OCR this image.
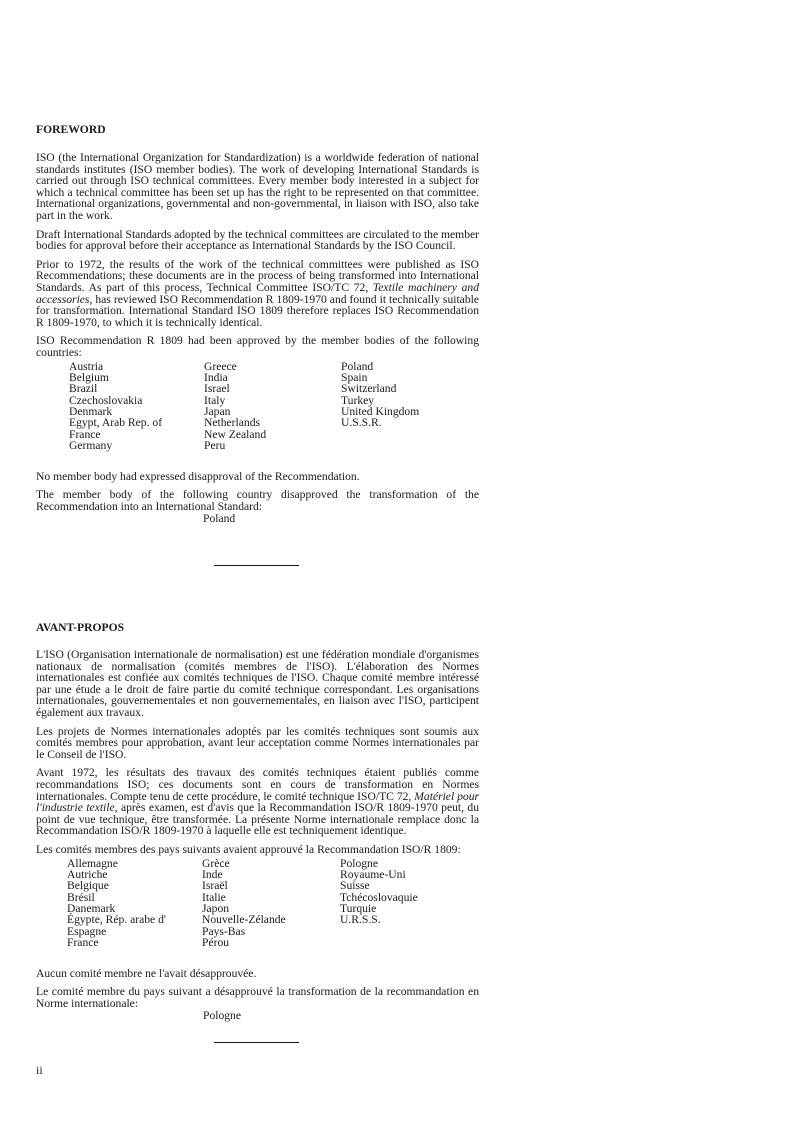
FOREWORD

ISO (the International Organization for Standardization) is a worldwide federation of national standards institutes (ISO member bodies). The work of developing International Standards is carried out through ISO technical committees. Every member body interested in a subject for which a technical committee has been set up has the right to be represented on that committee. International organizations, governmental and non-governmental, in liaison with ISO, also take part in the work.

Draft International Standards adopted by the technical committees are circulated to the member bodies for approval before their acceptance as International Standards by the ISO Council.

Prior to 1972, the results of the work of the technical committees were published as ISO Recommendations; these documents are in the process of being transformed into International Standards. As part of this process, Technical Committee ISO/TC 72, Textile machinery and accessories, has reviewed ISO Recommendation R 1809-1970 and found it technically suitable for transformation. International Standard ISO 1809 therefore replaces ISO Recommendation R 1809-1970, to which it is technically identical.

ISO Recommendation R 1809 had been approved by the member bodies of the following countries:

Austria
Belgium
Brazil
Czechoslovakia
Denmark
Egypt, Arab Rep. of
France
Germany
Greece
India
Israel
Italy
Japan
Netherlands
New Zealand
Peru
Poland
Spain
Switzerland
Turkey
United Kingdom
U.S.S.R.

No member body had expressed disapproval of the Recommendation.

The member body of the following country disapproved the transformation of the Recommendation into an International Standard:

Poland
AVANT-PROPOS

L'ISO (Organisation internationale de normalisation) est une fédération mondiale d'organismes nationaux de normalisation (comités membres de l'ISO). L'élaboration des Normes internationales est confiée aux comités techniques de l'ISO. Chaque comité membre intéressé par une étude a le droit de faire partie du comité technique correspondant. Les organisations internationales, gouvernementales et non gouvernementales, en liaison avec l'ISO, participent également aux travaux.

Les projets de Normes internationales adoptés par les comités techniques sont soumis aux comités membres pour approbation, avant leur acceptation comme Normes internationales par le Conseil de l'ISO.

Avant 1972, les résultats des travaux des comités techniques étaient publiés comme recommandations ISO; ces documents sont en cours de transformation en Normes internationales. Compte tenu de cette procédure, le comité technique ISO/TC 72, Matériel pour l'industrie textile, après examen, est d'avis que la Recommandation ISO/R 1809-1970 peut, du point de vue technique, être transformée. La présente Norme internationale remplace donc la Recommandation ISO/R 1809-1970 à laquelle elle est techniquement identique.

Les comités membres des pays suivants avaient approuvé la Recommandation ISO/R 1809:

Allemagne
Autriche
Belgique
Brésil
Danemark
Égypte, Rép. arabe d'
Espagne
France
Grèce
Inde
Israël
Italie
Japon
Nouvelle-Zélande
Pays-Bas
Pérou
Pologne
Royaume-Uni
Suisse
Tchécoslovaquie
Turquie
U.R.S.S.

Aucun comité membre ne l'avait désapprouvée.

Le comité membre du pays suivant a désapprouvé la transformation de la recommandation en Norme internationale:

Pologne
ii
